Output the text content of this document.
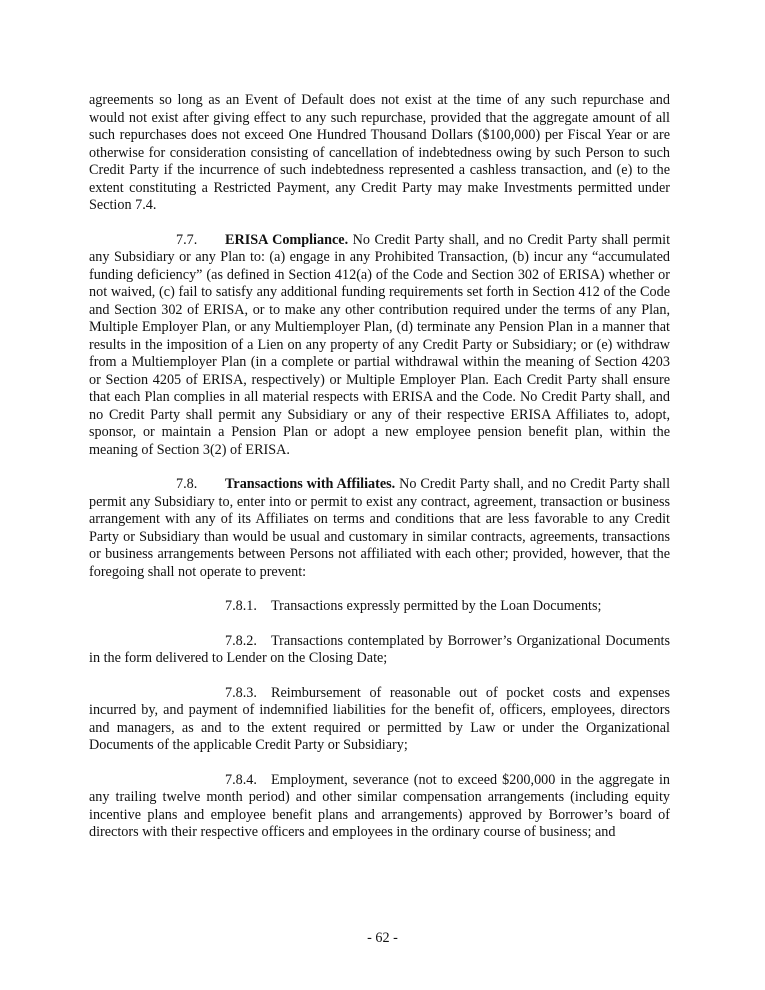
agreements so long as an Event of Default does not exist at the time of any such repurchase and would not exist after giving effect to any such repurchase, provided that the aggregate amount of all such repurchases does not exceed One Hundred Thousand Dollars ($100,000) per Fiscal Year or are otherwise for consideration consisting of cancellation of indebtedness owing by such Person to such Credit Party if the incurrence of such indebtedness represented a cashless transaction, and (e) to the extent constituting a Restricted Payment, any Credit Party may make Investments permitted under Section 7.4.

7.7. ERISA Compliance. No Credit Party shall, and no Credit Party shall permit any Subsidiary or any Plan to: (a) engage in any Prohibited Transaction, (b) incur any “accumulated funding deficiency” (as defined in Section 412(a) of the Code and Section 302 of ERISA) whether or not waived, (c) fail to satisfy any additional funding requirements set forth in Section 412 of the Code and Section 302 of ERISA, or to make any other contribution required under the terms of any Plan, Multiple Employer Plan, or any Multiemployer Plan, (d) terminate any Pension Plan in a manner that results in the imposition of a Lien on any property of any Credit Party or Subsidiary; or (e) withdraw from a Multiemployer Plan (in a complete or partial withdrawal within the meaning of Section 4203 or Section 4205 of ERISA, respectively) or Multiple Employer Plan. Each Credit Party shall ensure that each Plan complies in all material respects with ERISA and the Code. No Credit Party shall, and no Credit Party shall permit any Subsidiary or any of their respective ERISA Affiliates to, adopt, sponsor, or maintain a Pension Plan or adopt a new employee pension benefit plan, within the meaning of Section 3(2) of ERISA.

7.8. Transactions with Affiliates. No Credit Party shall, and no Credit Party shall permit any Subsidiary to, enter into or permit to exist any contract, agreement, transaction or business arrangement with any of its Affiliates on terms and conditions that are less favorable to any Credit Party or Subsidiary than would be usual and customary in similar contracts, agreements, transactions or business arrangements between Persons not affiliated with each other; provided, however, that the foregoing shall not operate to prevent:

7.8.1. Transactions expressly permitted by the Loan Documents;

7.8.2. Transactions contemplated by Borrower’s Organizational Documents in the form delivered to Lender on the Closing Date;

7.8.3. Reimbursement of reasonable out of pocket costs and expenses incurred by, and payment of indemnified liabilities for the benefit of, officers, employees, directors and managers, as and to the extent required or permitted by Law or under the Organizational Documents of the applicable Credit Party or Subsidiary;

7.8.4. Employment, severance (not to exceed $200,000 in the aggregate in any trailing twelve month period) and other similar compensation arrangements (including equity incentive plans and employee benefit plans and arrangements) approved by Borrower’s board of directors with their respective officers and employees in the ordinary course of business; and

- 62 -
